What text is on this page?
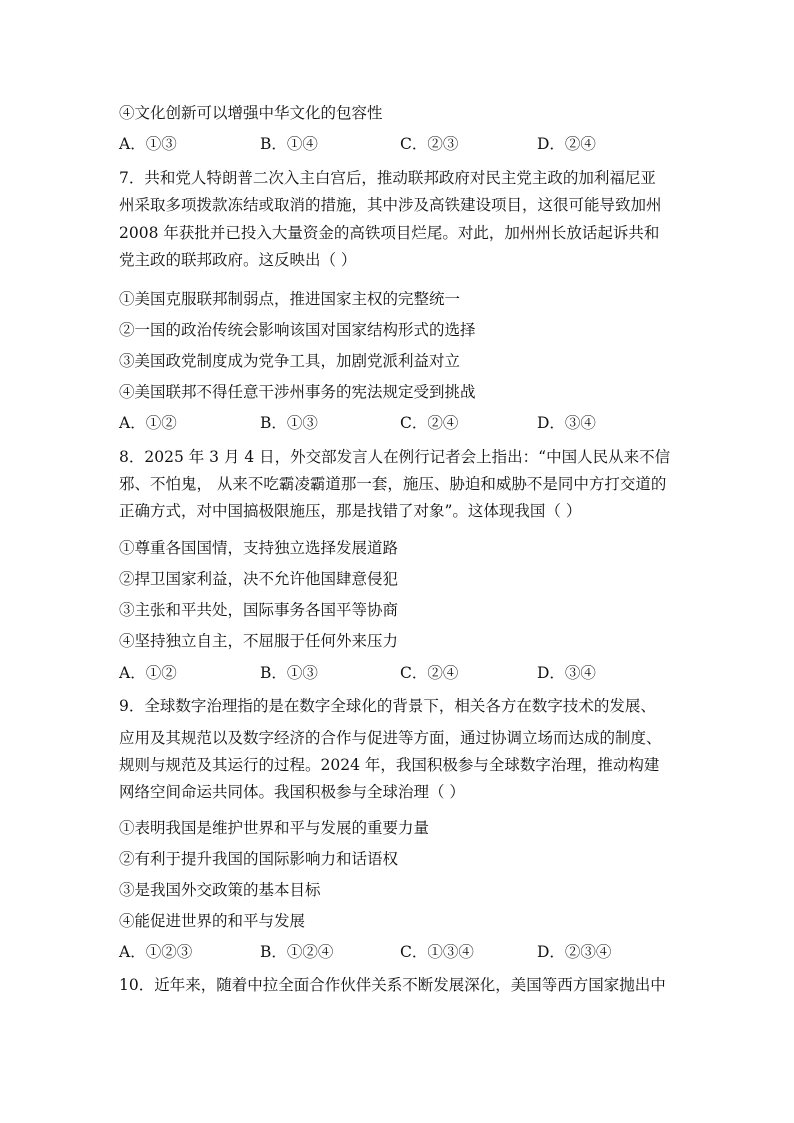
④文化创新可以增强中华文化的包容性
A．①③	B．①④	C．②③	D．②④
7．共和党人特朗普二次入主白宫后，推动联邦政府对民主党主政的加利福尼亚
州采取多项拨款冻结或取消的措施，其中涉及高铁建设项目，这很可能导致加州
2008 年获批并已投入大量资金的高铁项目烂尾。对此，加州州长放话起诉共和
党主政的联邦政府。这反映出（ ）
①美国克服联邦制弱点，推进国家主权的完整统一
②一国的政治传统会影响该国对国家结构形式的选择
③美国政党制度成为党争工具，加剧党派利益对立
④美国联邦不得任意干涉州事务的宪法规定受到挑战
A．①②	B．①③	C．②④	D．③④
8．2025 年 3 月 4 日，外交部发言人在例行记者会上指出：“中国人民从来不信
邪、不怕鬼， 从来不吃霸凌霸道那一套，施压、胁迫和威胁不是同中方打交道的
正确方式，对中国搞极限施压，那是找错了对象”。这体现我国（ ）
①尊重各国国情，支持独立选择发展道路
②捍卫国家利益，决不允许他国肆意侵犯
③主张和平共处，国际事务各国平等协商
④坚持独立自主，不屈服于任何外来压力
A．①②	B．①③	C．②④	D．③④
9．全球数字治理指的是在数字全球化的背景下，相关各方在数字技术的发展、
应用及其规范以及数字经济的合作与促进等方面，通过协调立场而达成的制度、
规则与规范及其运行的过程。2024 年，我国积极参与全球数字治理，推动构建
网络空间命运共同体。我国积极参与全球治理（ ）
①表明我国是维护世界和平与发展的重要力量
②有利于提升我国的国际影响力和话语权
③是我国外交政策的基本目标
④能促进世界的和平与发展
A．①②③	B．①②④	C．①③④	D．②③④
10．近年来，随着中拉全面合作伙伴关系不断发展深化，美国等西方国家抛出中
